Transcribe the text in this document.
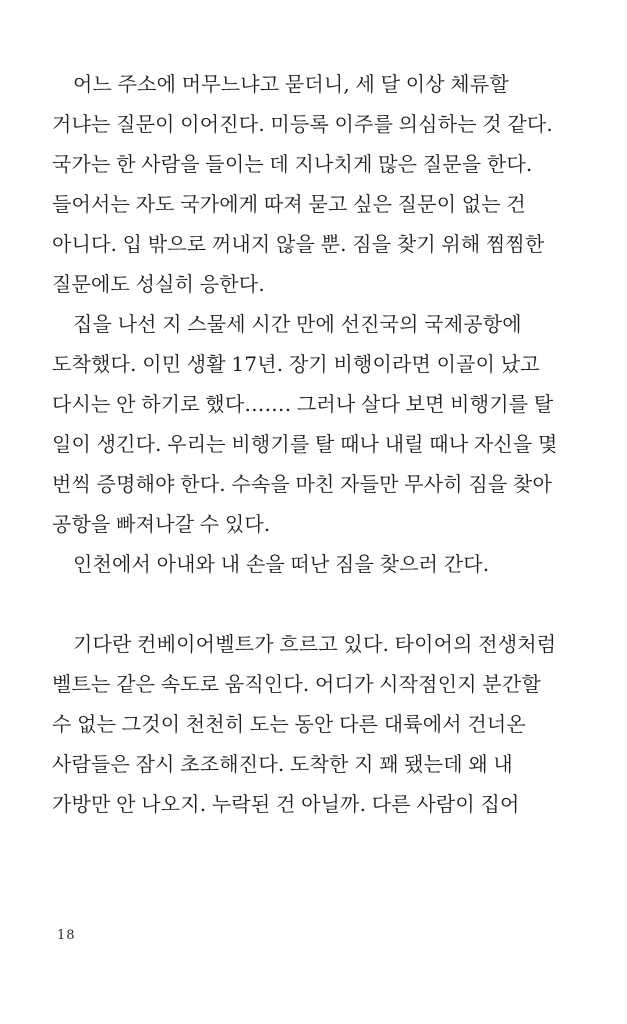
어느 주소에 머무느냐고 묻더니, 세 달 이상 체류할
거냐는 질문이 이어진다. 미등록 이주를 의심하는 것 같다.
국가는 한 사람을 들이는 데 지나치게 많은 질문을 한다.
들어서는 자도 국가에게 따져 묻고 싶은 질문이 없는 건
아니다. 입 밖으로 꺼내지 않을 뿐. 짐을 찾기 위해 찜찜한
질문에도 성실히 응한다.
집을 나선 지 스물세 시간 만에 선진국의 국제공항에
도착했다. 이민 생활 17년. 장기 비행이라면 이골이 났고
다시는 안 하기로 했다……. 그러나 살다 보면 비행기를 탈
일이 생긴다. 우리는 비행기를 탈 때나 내릴 때나 자신을 몇
번씩 증명해야 한다. 수속을 마친 자들만 무사히 짐을 찾아
공항을 빠져나갈 수 있다.
인천에서 아내와 내 손을 떠난 짐을 찾으러 간다.
기다란 컨베이어벨트가 흐르고 있다. 타이어의 전생처럼
벨트는 같은 속도로 움직인다. 어디가 시작점인지 분간할
수 없는 그것이 천천히 도는 동안 다른 대륙에서 건너온
사람들은 잠시 초조해진다. 도착한 지 꽤 됐는데 왜 내
가방만 안 나오지. 누락된 건 아닐까. 다른 사람이 집어
18
